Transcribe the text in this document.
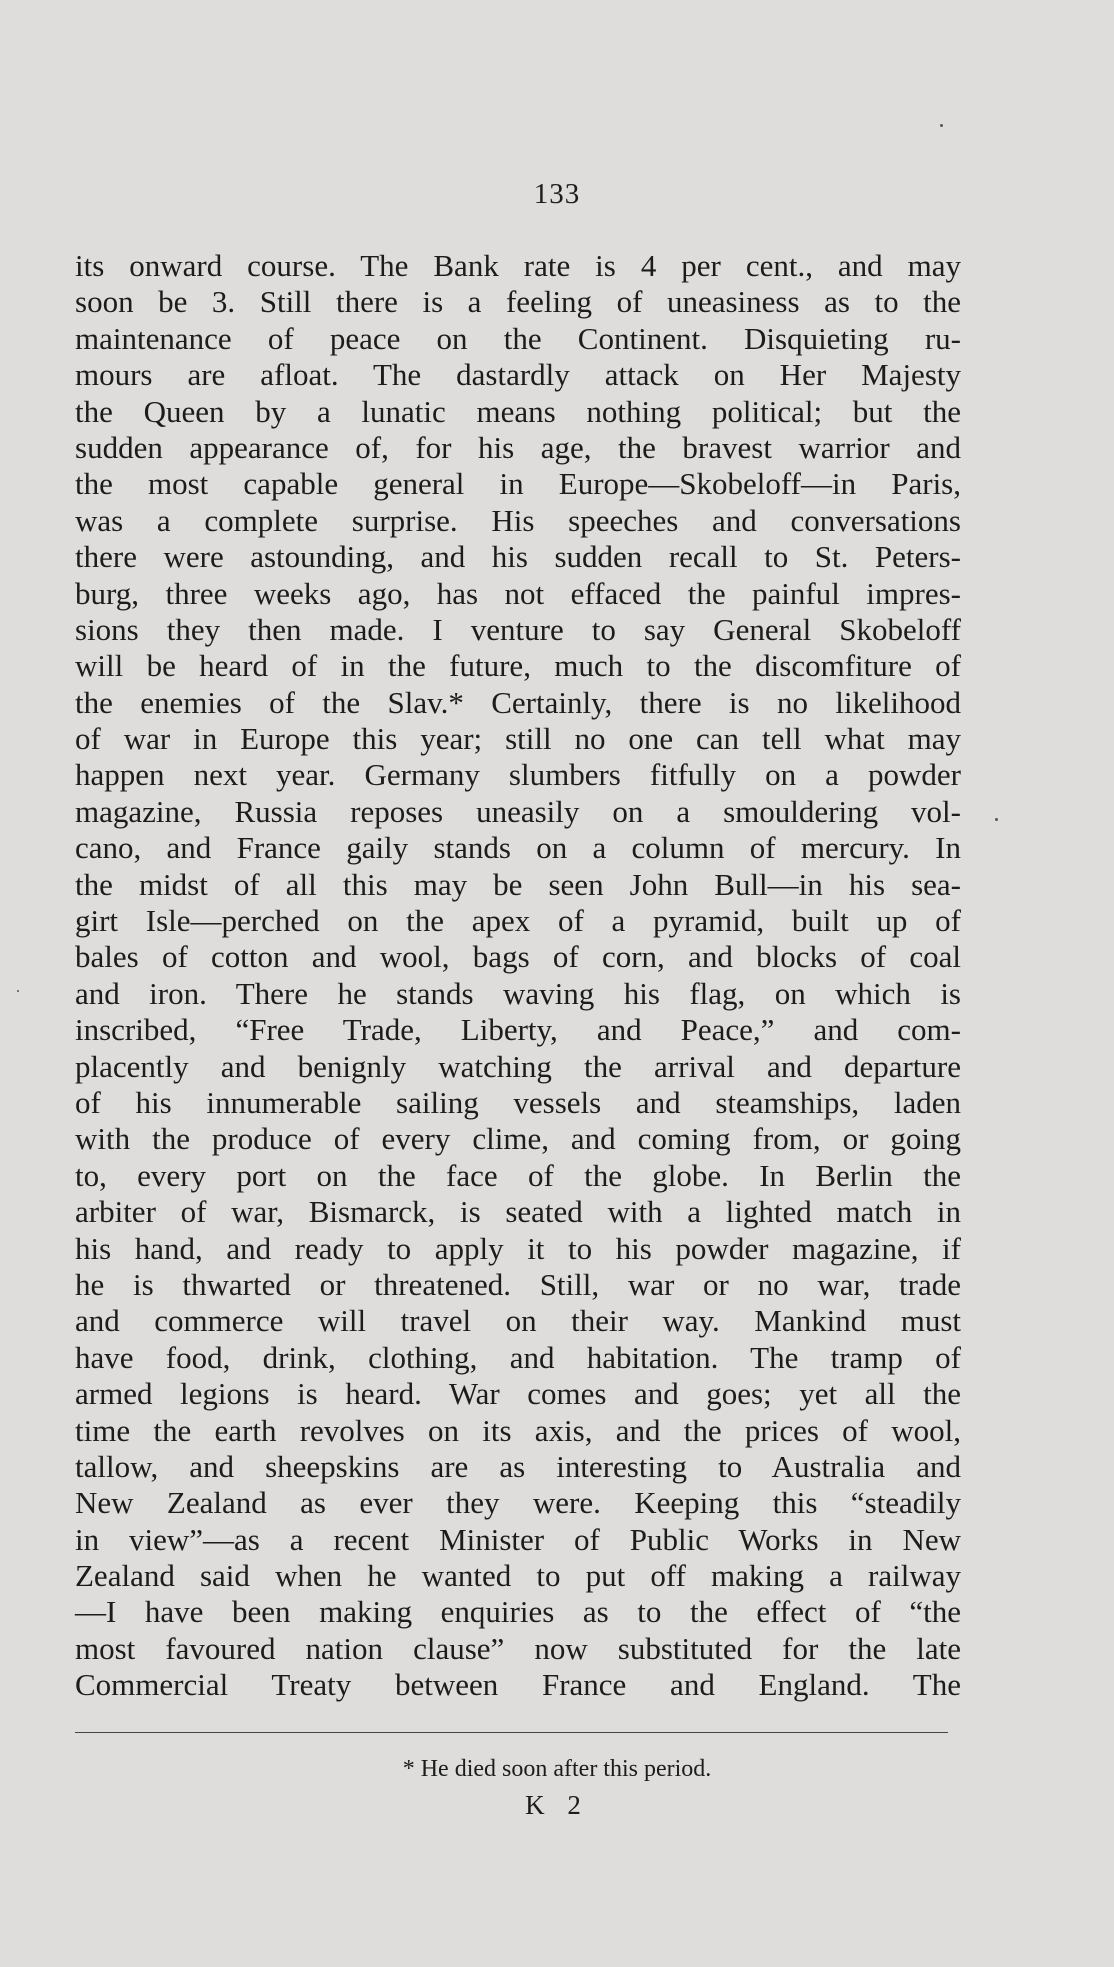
133
its onward course. The Bank rate is 4 per cent., and may
soon be 3. Still there is a feeling of uneasiness as to the
maintenance of peace on the Continent. Disquieting ru-
mours are afloat. The dastardly attack on Her Majesty
the Queen by a lunatic means nothing political; but the
sudden appearance of, for his age, the bravest warrior and
the most capable general in Europe—Skobeloff—in Paris,
was a complete surprise. His speeches and conversations
there were astounding, and his sudden recall to St. Peters-
burg, three weeks ago, has not effaced the painful impres-
sions they then made. I venture to say General Skobeloff
will be heard of in the future, much to the discomfiture of
the enemies of the Slav.* Certainly, there is no likelihood
of war in Europe this year; still no one can tell what may
happen next year. Germany slumbers fitfully on a powder
magazine, Russia reposes uneasily on a smouldering vol-
cano, and France gaily stands on a column of mercury. In
the midst of all this may be seen John Bull—in his sea-
girt Isle—perched on the apex of a pyramid, built up of
bales of cotton and wool, bags of corn, and blocks of coal
and iron. There he stands waving his flag, on which is
inscribed, “Free Trade, Liberty, and Peace,” and com-
placently and benignly watching the arrival and departure
of his innumerable sailing vessels and steamships, laden
with the produce of every clime, and coming from, or going
to, every port on the face of the globe. In Berlin the
arbiter of war, Bismarck, is seated with a lighted match in
his hand, and ready to apply it to his powder magazine, if
he is thwarted or threatened. Still, war or no war, trade
and commerce will travel on their way. Mankind must
have food, drink, clothing, and habitation. The tramp of
armed legions is heard. War comes and goes; yet all the
time the earth revolves on its axis, and the prices of wool,
tallow, and sheepskins are as interesting to Australia and
New Zealand as ever they were. Keeping this “steadily
in view”—as a recent Minister of Public Works in New
Zealand said when he wanted to put off making a railway
—I have been making enquiries as to the effect of “the
most favoured nation clause” now substituted for the late
Commercial Treaty between France and England. The
* He died soon after this period.
K 2
